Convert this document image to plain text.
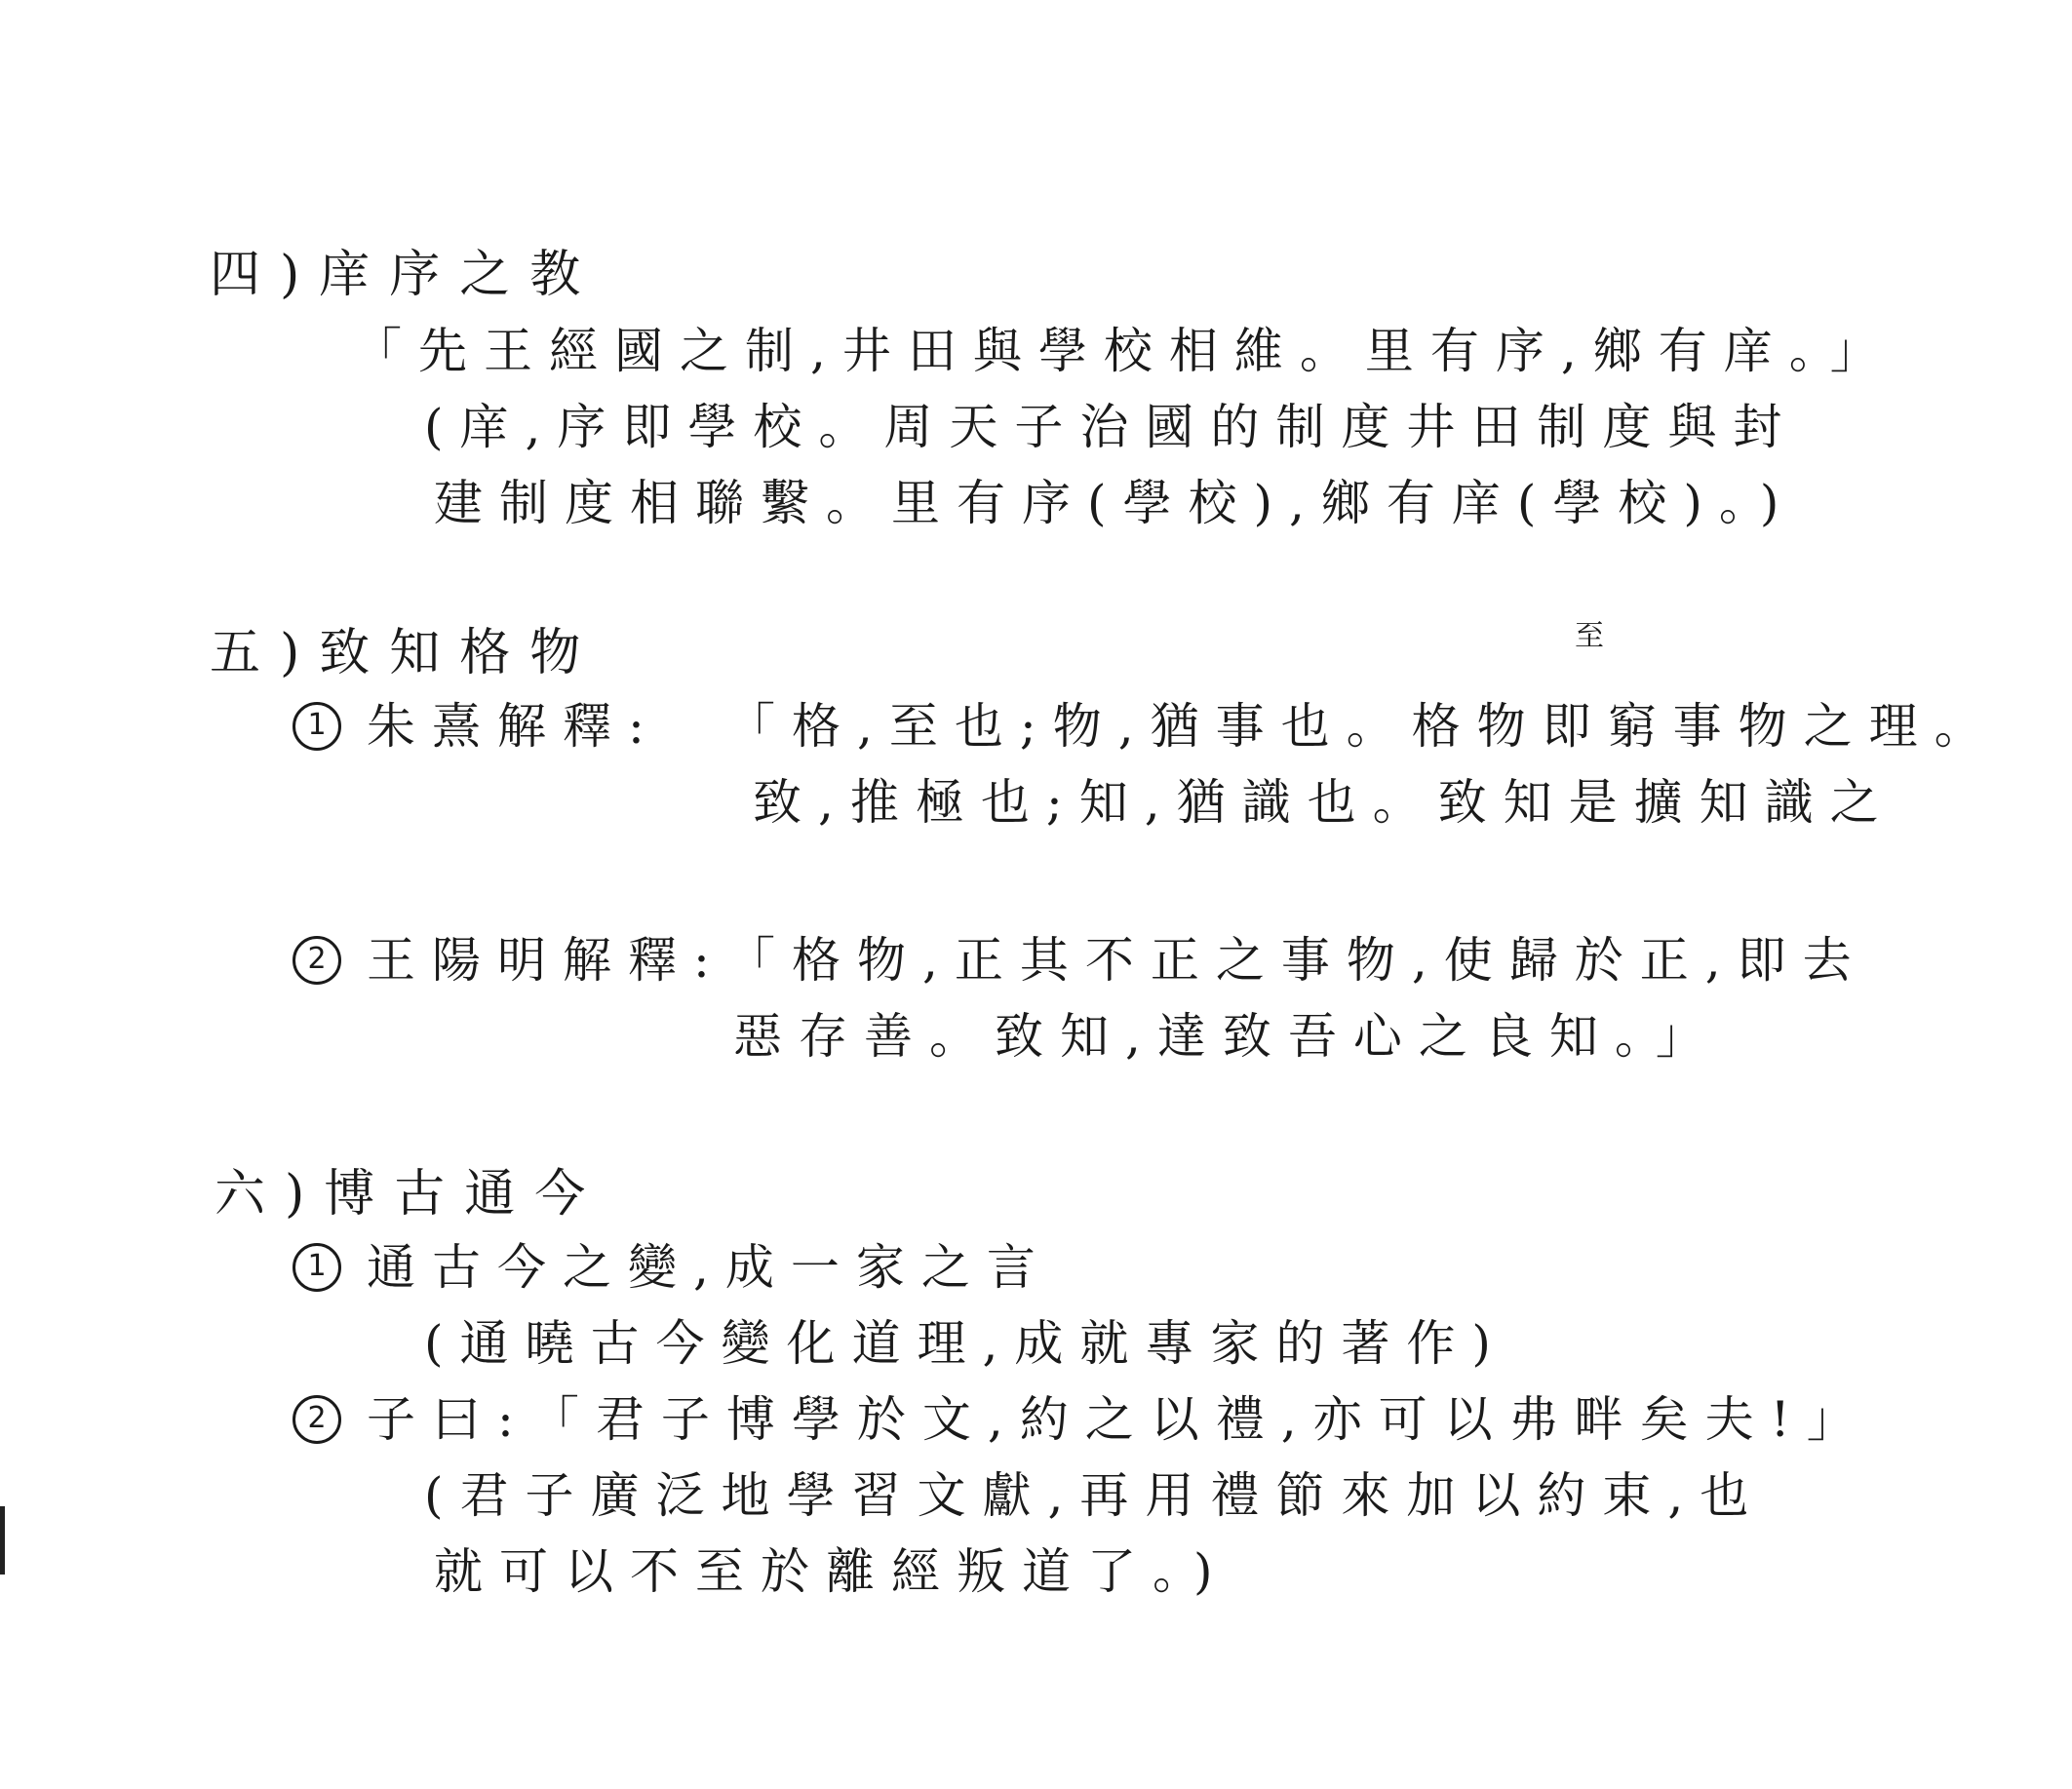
四)庠序之教
「先王經國之制,井田與學校相維。里有序,鄉有庠。」
(庠,序即學校。周天子治國的制度井田制度與封
建制度相聯繫。里有序(學校),鄉有庠(學校)。)
五)致知格物	至
1 朱熹解釋: 「格,至也;物,猶事也。格物即窮事物之理。
致,推極也;知,猶識也。致知是擴知識之
2 王陽明解釋: 「格物,正其不正之事物,使歸於正,即去
惡存善。致知,達致吾心之良知。」
六)博古通今
1 通古今之變,成一家之言
(通曉古今變化道理,成就專家的著作)
2 子曰:「君子博學於文,約之以禮,亦可以弗畔矣夫!」
(君子廣泛地學習文獻,再用禮節來加以約束,也
就可以不至於離經叛道了。)
